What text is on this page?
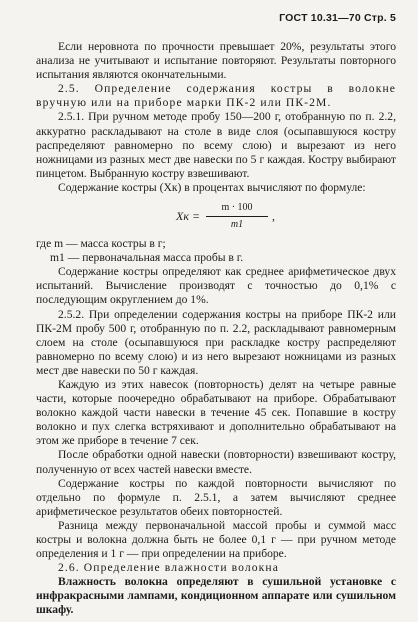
ГОСТ 10.31—70 Стр. 5

Если неровнота по прочности превышает 20%, результаты этого анализа не учитывают и испытание повторяют. Результаты повторного испытания являются окончательными.

2.5. Определение содержания костры в волокне вручную или на приборе марки ПК-2 или ПК-2М.

2.5.1. При ручном методе пробу 150—200 г, отобранную по п. 2.2, аккуратно раскладывают на столе в виде слоя (осыпавшуюся костру распределяют равномерно по всему слою) и вырезают из него ножницами из разных мест две навески по 5 г каждая. Костру выбирают пинцетом. Выбранную костру взвешивают.

Содержание костры (Xк) в процентах вычисляют по формуле:

Xк =
m · 100
m1
,

где m — масса костры в г;

m1 — первоначальная масса пробы в г.

Содержание костры определяют как среднее арифметическое двух испытаний. Вычисление производят с точностью до 0,1% с последующим округлением до 1%.

2.5.2. При определении содержания костры на приборе ПК-2 или ПК-2М пробу 500 г, отобранную по п. 2.2, раскладывают равномерным слоем на столе (осыпавшуюся при раскладке костру распределяют равномерно по всему слою) и из него вырезают ножницами из разных мест две навески по 50 г каждая.

Каждую из этих навесок (повторность) делят на четыре равные части, которые поочередно обрабатывают на приборе. Обрабатывают волокно каждой части навески в течение 45 сек. Попавшие в костру волокно и пух слегка встряхивают и дополнительно обрабатывают на этом же приборе в течение 7 сек.

После обработки одной навески (повторности) взвешивают костру, полученную от всех частей навески вместе.

Содержание костры по каждой повторности вычисляют по отдельно по формуле п. 2.5.1, а затем вычисляют среднее арифметическое результатов обеих повторностей.

Разница между первоначальной массой пробы и суммой масс костры и волокна должна быть не более 0,1 г — при ручном методе определения и 1 г — при определении на приборе.

2.6. Определение влажности волокна

Влажность волокна определяют в сушильной установке с инфракрасными лампами, кондиционном аппарате или сушильном шкафу.
